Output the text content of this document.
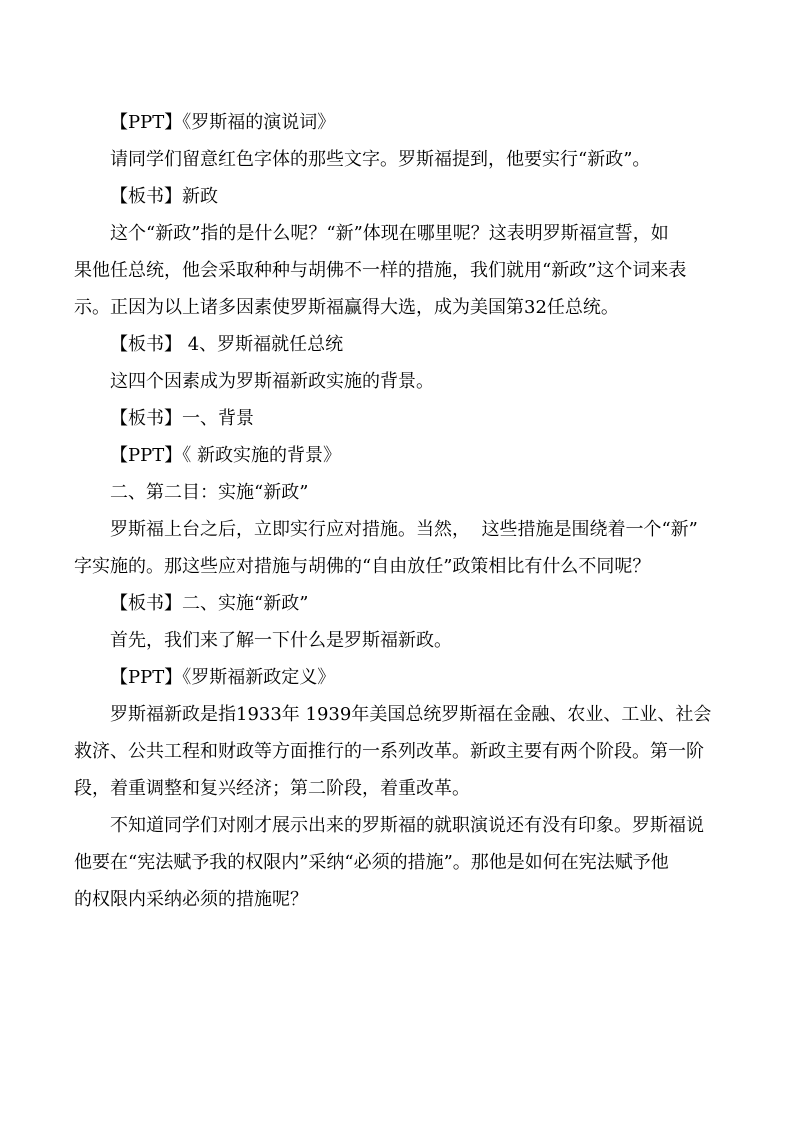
【PPT】《罗斯福的演说词》

请同学们留意红色字体的那些文字。罗斯福提到，他要实行“新政”。

【板书】新政

这个“新政”指的是什么呢？“新”体现在哪里呢？这表明罗斯福宣誓，如

果他任总统，他会采取种种与胡佛不一样的措施，我们就用“新政”这个词来表

示。正因为以上诸多因素使罗斯福赢得大选，成为美国第32任总统。

【板书】 4、罗斯福就任总统

这四个因素成为罗斯福新政实施的背景。

【板书】一、背景

【PPT】《 新政实施的背景》

二、第二目：实施“新政”

罗斯福上台之后，立即实行应对措施。当然，  这些措施是围绕着一个“新”

字实施的。那这些应对措施与胡佛的“自由放任”政策相比有什么不同呢？

【板书】二、实施“新政”

首先，我们来了解一下什么是罗斯福新政。

【PPT】《罗斯福新政定义》

罗斯福新政是指1933年 1939年美国总统罗斯福在金融、农业、工业、社会

救济、公共工程和财政等方面推行的一系列改革。新政主要有两个阶段。第一阶

段，着重调整和复兴经济；第二阶段，着重改革。

不知道同学们对刚才展示出来的罗斯福的就职演说还有没有印象。罗斯福说

他要在“宪法赋予我的权限内”采纳“必须的措施”。那他是如何在宪法赋予他

的权限内采纳必须的措施呢？
